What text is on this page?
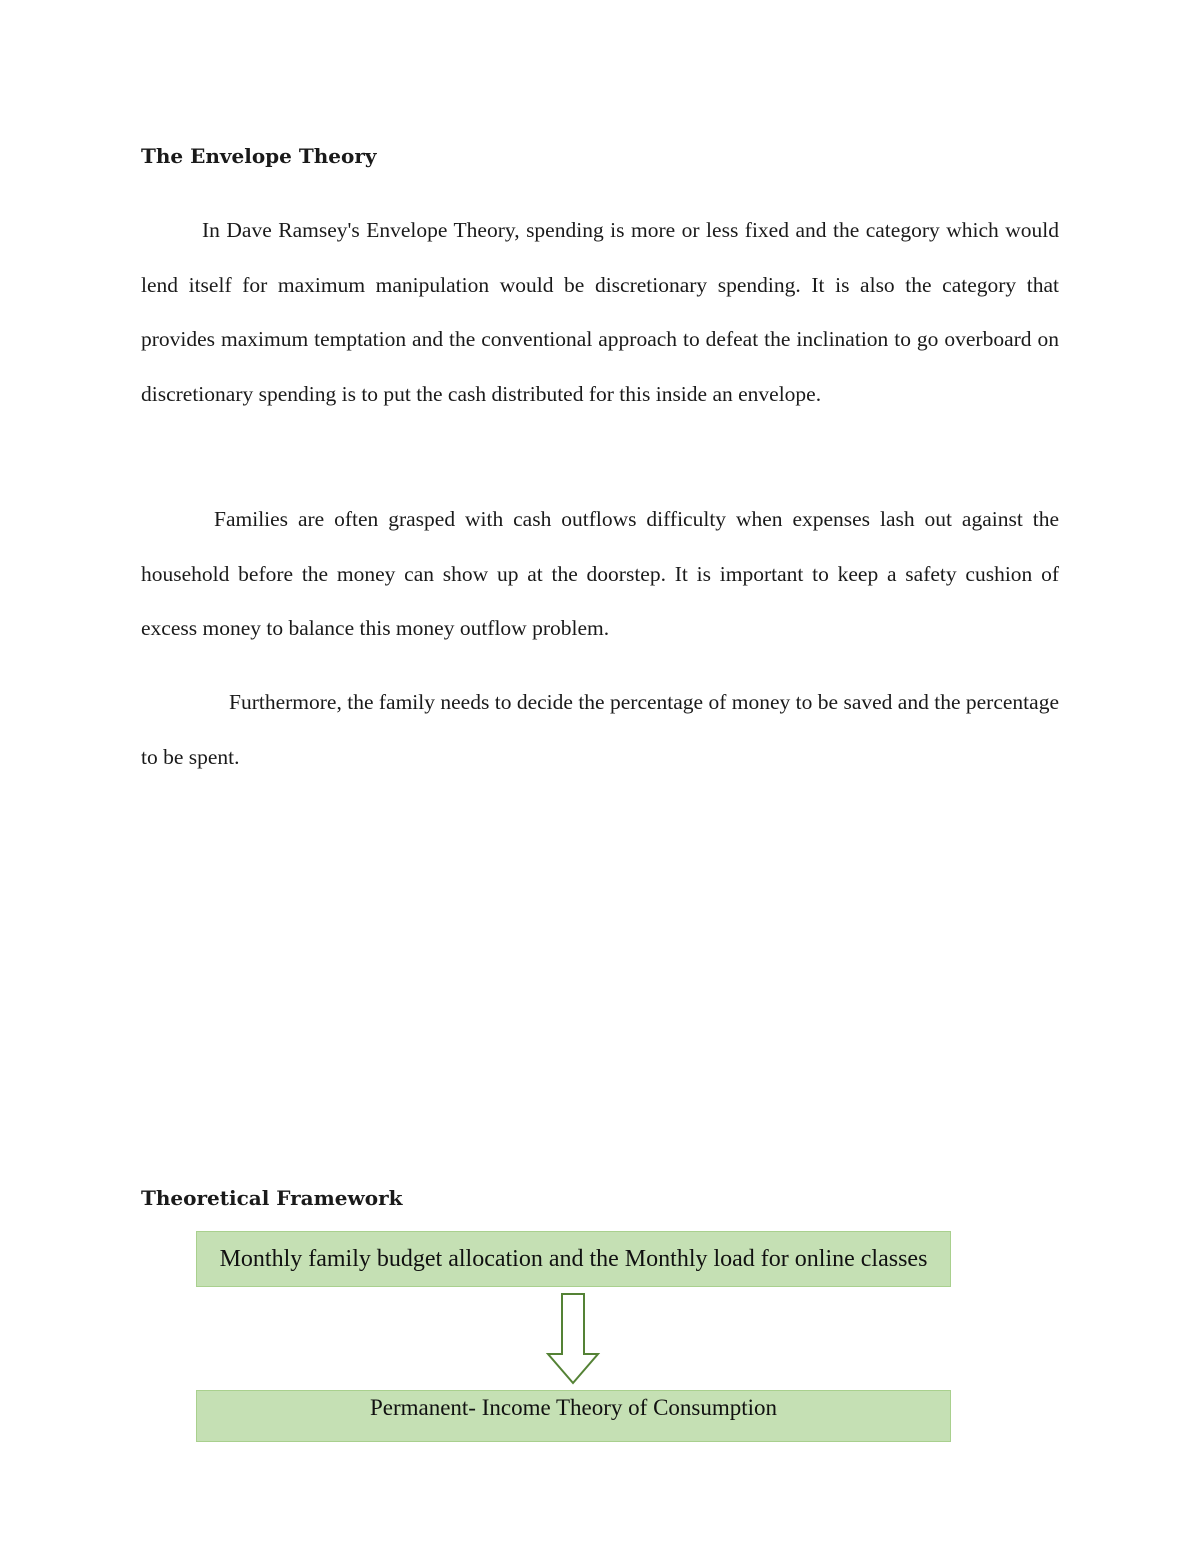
The Envelope Theory

In Dave Ramsey's Envelope Theory, spending is more or less fixed and the category which would lend itself for maximum manipulation would be discretionary spending. It is also the category that provides maximum temptation and the conventional approach to defeat the inclination to go overboard on discretionary spending is to put the cash distributed for this inside an envelope.

Families are often grasped with cash outflows difficulty when expenses lash out against the household before the money can show up at the doorstep. It is important to keep a safety cushion of excess money to balance this money outflow problem.

Furthermore, the family needs to decide the percentage of money to be saved and the percentage to be spent.

Theoretical Framework
Monthly family budget allocation and the Monthly load for online classes
Permanent- Income Theory of Consumption
